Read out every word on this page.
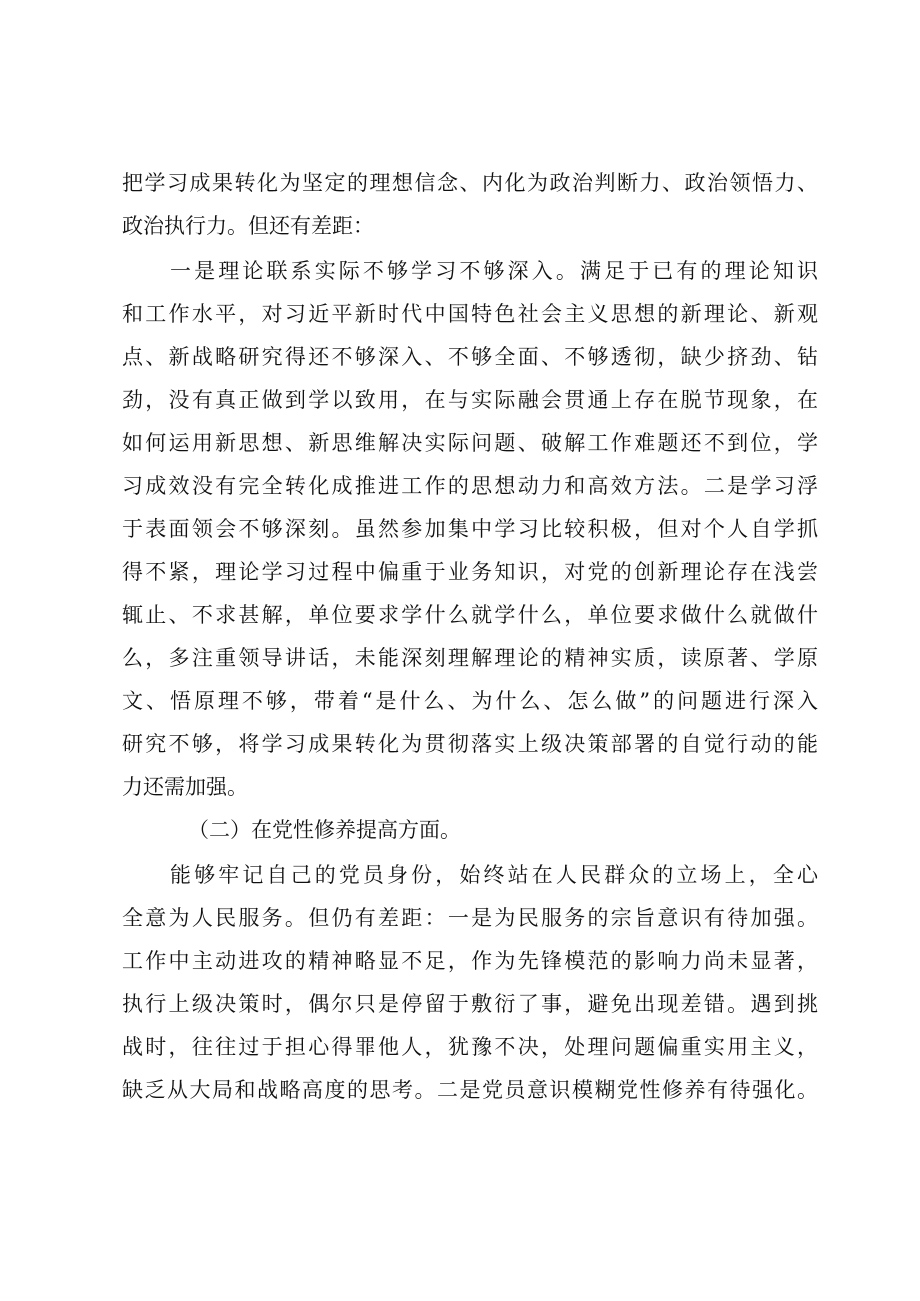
把学习成果转化为坚定的理想信念、内化为政治判断力、政治领悟力、
政治执行力。但还有差距：
一是理论联系实际不够学习不够深入。满足于已有的理论知识
和工作水平，对习近平新时代中国特色社会主义思想的新理论、新观
点、新战略研究得还不够深入、不够全面、不够透彻，缺少挤劲、钻
劲，没有真正做到学以致用，在与实际融会贯通上存在脱节现象，在
如何运用新思想、新思维解决实际问题、破解工作难题还不到位，学
习成效没有完全转化成推进工作的思想动力和高效方法。二是学习浮
于表面领会不够深刻。虽然参加集中学习比较积极，但对个人自学抓
得不紧，理论学习过程中偏重于业务知识，对党的创新理论存在浅尝
辄止、不求甚解，单位要求学什么就学什么，单位要求做什么就做什
么，多注重领导讲话，未能深刻理解理论的精神实质，读原著、学原
文、悟原理不够，带着“是什么、为什么、怎么做”的问题进行深入
研究不够，将学习成果转化为贯彻落实上级决策部署的自觉行动的能
力还需加强。
（二）在党性修养提高方面。
能够牢记自己的党员身份，始终站在人民群众的立场上，全心
全意为人民服务。但仍有差距：一是为民服务的宗旨意识有待加强。
工作中主动进攻的精神略显不足，作为先锋模范的影响力尚未显著，
执行上级决策时，偶尔只是停留于敷衍了事，避免出现差错。遇到挑
战时，往往过于担心得罪他人，犹豫不决，处理问题偏重实用主义，
缺乏从大局和战略高度的思考。二是党员意识模糊党性修养有待强化。
